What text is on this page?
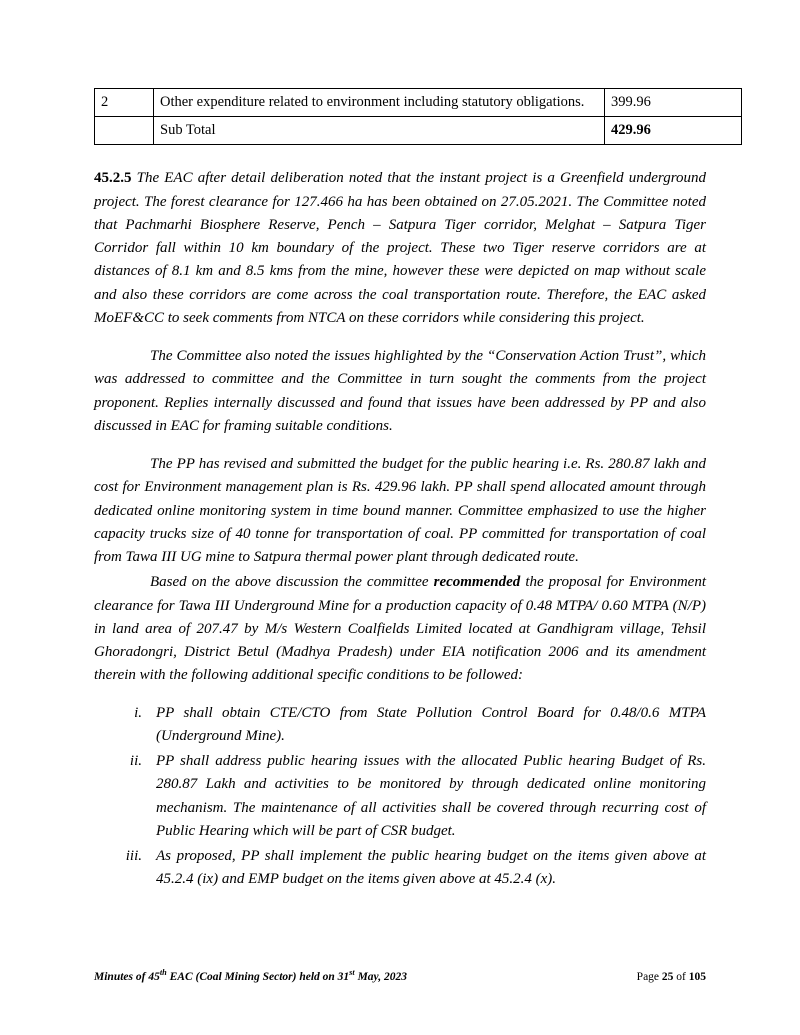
2	Other expenditure related to environment including statutory obligations.	399.96
	Sub Total	429.96

45.2.5 The EAC after detail deliberation noted that the instant project is a Greenfield underground project. The forest clearance for 127.466 ha has been obtained on 27.05.2021. The Committee noted that Pachmarhi Biosphere Reserve, Pench – Satpura Tiger corridor, Melghat – Satpura Tiger Corridor fall within 10 km boundary of the project. These two Tiger reserve corridors are at distances of 8.1 km and 8.5 kms from the mine, however these were depicted on map without scale and also these corridors are come across the coal transportation route. Therefore, the EAC asked MoEF&CC to seek comments from NTCA on these corridors while considering this project.

The Committee also noted the issues highlighted by the “Conservation Action Trust”, which was addressed to committee and the Committee in turn sought the comments from the project proponent. Replies internally discussed and found that issues have been addressed by PP and also discussed in EAC for framing suitable conditions.

The PP has revised and submitted the budget for the public hearing i.e. Rs. 280.87 lakh and cost for Environment management plan is Rs. 429.96 lakh. PP shall spend allocated amount through dedicated online monitoring system in time bound manner. Committee emphasized to use the higher capacity trucks size of 40 tonne for transportation of coal. PP committed for transportation of coal from Tawa III UG mine to Satpura thermal power plant through dedicated route.

Based on the above discussion the committee recommended the proposal for Environment clearance for Tawa III Underground Mine for a production capacity of 0.48 MTPA/ 0.60 MTPA (N/P) in land area of 207.47 by M/s Western Coalfields Limited located at Gandhigram village, Tehsil Ghoradongri, District Betul (Madhya Pradesh) under EIA notification 2006 and its amendment therein with the following additional specific conditions to be followed:

i. PP shall obtain CTE/CTO from State Pollution Control Board for 0.48/0.6 MTPA (Underground Mine).
ii. PP shall address public hearing issues with the allocated Public hearing Budget of Rs. 280.87 Lakh and activities to be monitored by through dedicated online monitoring mechanism. The maintenance of all activities shall be covered through recurring cost of Public Hearing which will be part of CSR budget.
iii. As proposed, PP shall implement the public hearing budget on the items given above at 45.2.4 (ix) and EMP budget on the items given above at 45.2.4 (x).
Minutes of 45th EAC (Coal Mining Sector) held on 31st May, 2023	Page 25 of 105
